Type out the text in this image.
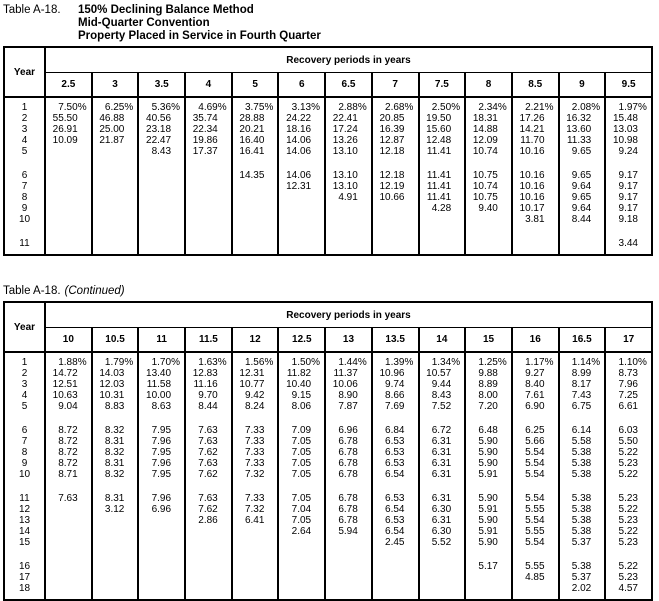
Table A-18.	150% Declining Balance Method
Mid-Quarter Convention
Property Placed in Service in Fourth Quarter
Year	Recovery periods in years												
	2.5	3	3.5	4	5	6	6.5	7	7.5	8	8.5	9	9.5
1	7.50%	6.25%	5.36%	4.69%	3.75%	3.13%	2.88%	2.68%	2.50%	2.34%	2.21%	2.08%	1.97%
2	55.50	46.88	40.56	35.74	28.88	24.22	22.41	20.85	19.50	18.31	17.26	16.32	15.48
3	26.91	25.00	23.18	22.34	20.21	18.16	17.24	16.39	15.60	14.88	14.21	13.60	13.03
4	10.09	21.87	22.47	19.86	16.40	14.06	13.26	12.87	12.48	12.09	11.70	11.33	10.98
5			8.43	17.37	16.41	14.06	13.10	12.18	11.41	10.74	10.16	9.65	9.24

6					14.35	14.06	13.10	12.18	11.41	10.75	10.16	9.65	9.17
7						12.31	13.10	12.19	11.41	10.74	10.16	9.64	9.17
8							4.91	10.66	11.41	10.75	10.16	9.65	9.17
9									4.28	9.40	10.17	9.64	9.17
10											3.81	8.44	9.18

11													3.44
Table A-18. (Continued)
Year	Recovery periods in years												
	10	10.5	11	11.5	12	12.5	13	13.5	14	15	16	16.5	17
1	1.88%	1.79%	1.70%	1.63%	1.56%	1.50%	1.44%	1.39%	1.34%	1.25%	1.17%	1.14%	1.10%
2	14.72	14.03	13.40	12.83	12.31	11.82	11.37	10.96	10.57	9.88	9.27	8.99	8.73
3	12.51	12.03	11.58	11.16	10.77	10.40	10.06	9.74	9.44	8.89	8.40	8.17	7.96
4	10.63	10.31	10.00	9.70	9.42	9.15	8.90	8.66	8.43	8.00	7.61	7.43	7.25
5	9.04	8.83	8.63	8.44	8.24	8.06	7.87	7.69	7.52	7.20	6.90	6.75	6.61

6	8.72	8.32	7.95	7.63	7.33	7.09	6.96	6.84	6.72	6.48	6.25	6.14	6.03
7	8.72	8.31	7.96	7.63	7.33	7.05	6.78	6.53	6.31	5.90	5.66	5.58	5.50
8	8.72	8.32	7.95	7.62	7.33	7.05	6.78	6.53	6.31	5.90	5.54	5.38	5.22
9	8.72	8.31	7.96	7.63	7.33	7.05	6.78	6.53	6.31	5.90	5.54	5.38	5.23
10	8.71	8.32	7.95	7.62	7.32	7.05	6.78	6.54	6.31	5.91	5.54	5.38	5.22

11	7.63	8.31	7.96	7.63	7.33	7.05	6.78	6.53	6.31	5.90	5.54	5.38	5.23
12		3.12	6.96	7.62	7.32	7.04	6.78	6.54	6.30	5.91	5.55	5.38	5.22
13				2.86	6.41	7.05	6.78	6.53	6.31	5.90	5.54	5.38	5.23
14						2.64	5.94	6.54	6.30	5.91	5.55	5.38	5.22
15								2.45	5.52	5.90	5.54	5.37	5.23

16										5.17	5.55	5.38	5.22
17											4.85	5.37	5.23
18												2.02	4.57
